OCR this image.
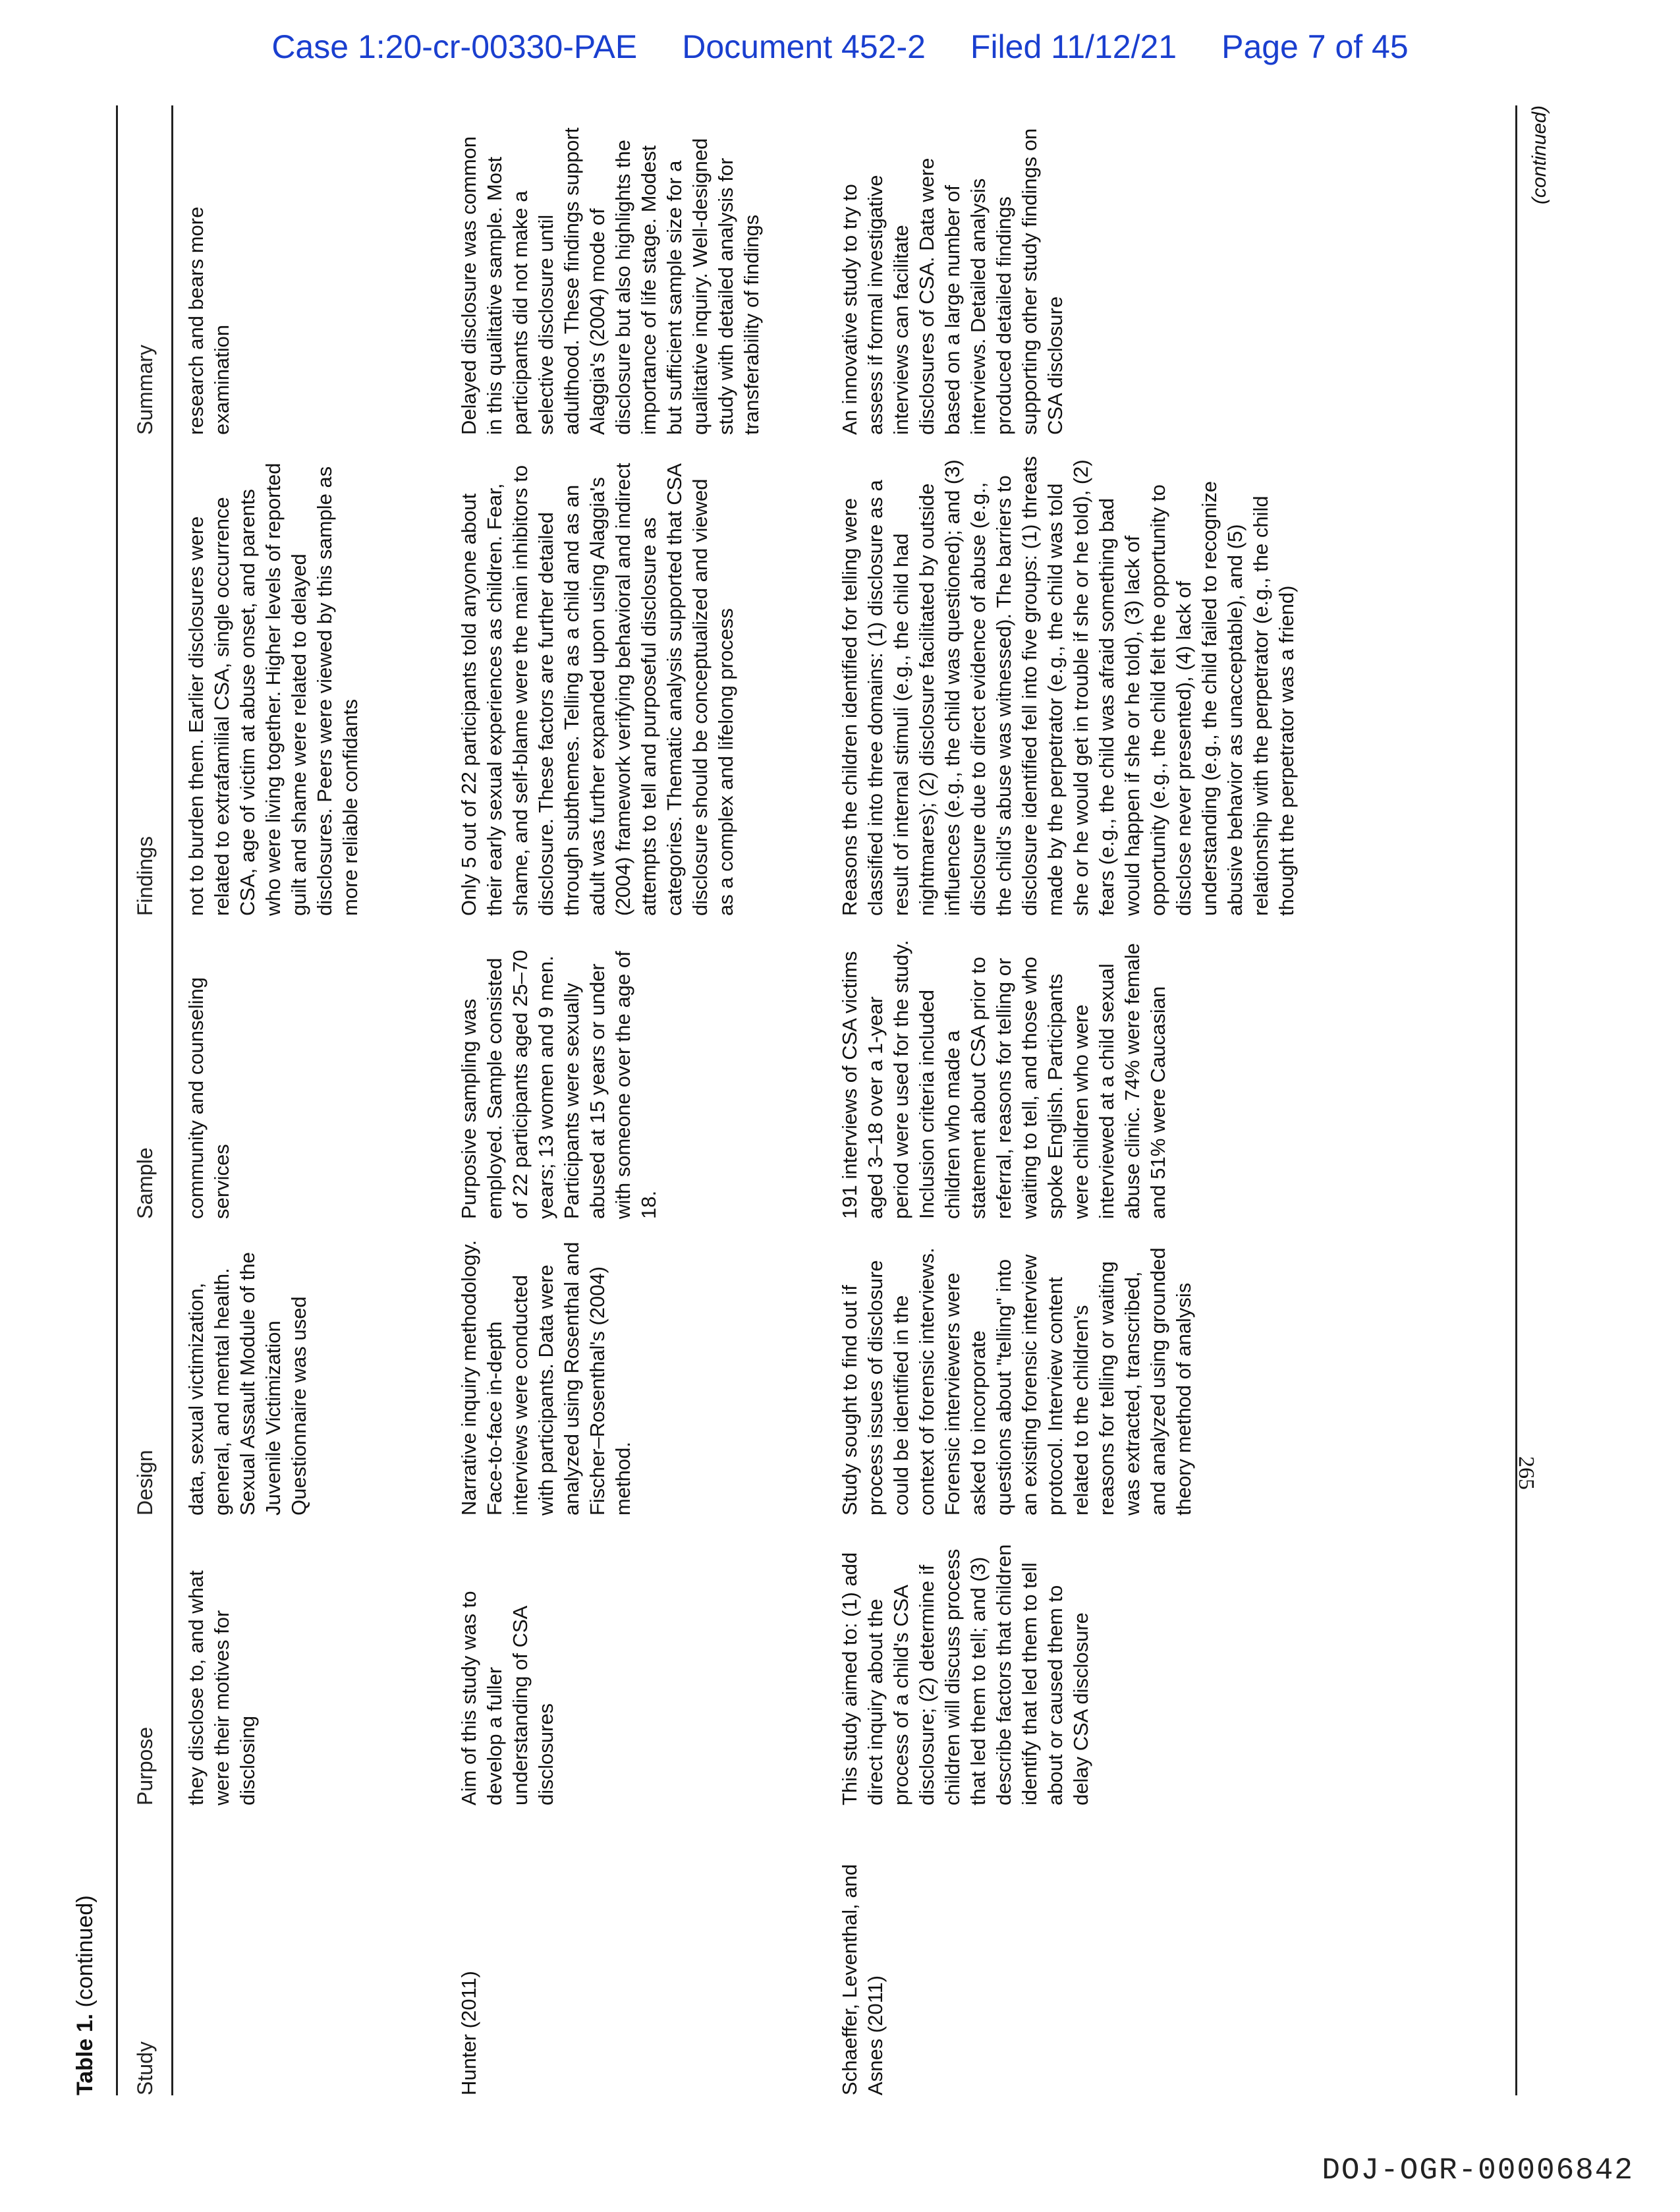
Case 1:20-cr-00330-PAE Document 452-2 Filed 11/12/21 Page 7 of 45
Table 1. (continued)
Study
Purpose
Design
Sample
Findings
Summary
they disclose to, and what were their motives for disclosing
data, sexual victimization, general, and mental health. Sexual Assault Module of the Juvenile Victimization Questionnaire was used
community and counseling services
not to burden them. Earlier disclosures were related to extrafamilial CSA, single occurrence CSA, age of victim at abuse onset, and parents who were living together. Higher levels of reported guilt and shame were related to delayed disclosures. Peers were viewed by this sample as more reliable confidants
research and bears more examination
Hunter (2011)
Aim of this study was to develop a fuller understanding of CSA disclosures
Narrative inquiry methodology. Face-to-face in-depth interviews were conducted with participants. Data were analyzed using Rosenthal and Fischer–Rosenthal's (2004) method.
Purposive sampling was employed. Sample consisted of 22 participants aged 25–70 years; 13 women and 9 men. Participants were sexually abused at 15 years or under with someone over the age of 18.
Only 5 out of 22 participants told anyone about their early sexual experiences as children. Fear, shame, and self-blame were the main inhibitors to disclosure. These factors are further detailed through subthemes. Telling as a child and as an adult was further expanded upon using Alaggia's (2004) framework verifying behavioral and indirect attempts to tell and purposeful disclosure as categories. Thematic analysis supported that CSA disclosure should be conceptualized and viewed as a complex and lifelong process
Delayed disclosure was common in this qualitative sample. Most participants did not make a selective disclosure until adulthood. These findings support Alaggia's (2004) mode of disclosure but also highlights the importance of life stage. Modest but sufficient sample size for a qualitative inquiry. Well-designed study with detailed analysis for transferability of findings
Schaeffer, Leventhal, and Asnes (2011)
This study aimed to: (1) add direct inquiry about the process of a child's CSA disclosure; (2) determine if children will discuss process that led them to tell; and (3) describe factors that children identify that led them to tell about or caused them to delay CSA disclosure
Study sought to find out if process issues of disclosure could be identified in the context of forensic interviews. Forensic interviewers were asked to incorporate questions about "telling" into an existing forensic interview protocol. Interview content related to the children's reasons for telling or waiting was extracted, transcribed, and analyzed using grounded theory method of analysis
191 interviews of CSA victims aged 3–18 over a 1-year period were used for the study. Inclusion criteria included children who made a statement about CSA prior to referral, reasons for telling or waiting to tell, and those who spoke English. Participants were children who were interviewed at a child sexual abuse clinic. 74% were female and 51% were Caucasian
Reasons the children identified for telling were classified into three domains: (1) disclosure as a result of internal stimuli (e.g., the child had nightmares); (2) disclosure facilitated by outside influences (e.g., the child was questioned); and (3) disclosure due to direct evidence of abuse (e.g., the child's abuse was witnessed). The barriers to disclosure identified fell into five groups: (1) threats made by the perpetrator (e.g., the child was told she or he would get in trouble if she or he told), (2) fears (e.g., the child was afraid something bad would happen if she or he told), (3) lack of opportunity (e.g., the child felt the opportunity to disclose never presented), (4) lack of understanding (e.g., the child failed to recognize abusive behavior as unacceptable), and (5) relationship with the perpetrator (e.g., the child thought the perpetrator was a friend)
An innovative study to try to assess if formal investigative interviews can facilitate disclosures of CSA. Data were based on a large number of interviews. Detailed analysis produced detailed findings supporting other study findings on CSA disclosure
(continued)
265
DOJ-OGR-00006842
